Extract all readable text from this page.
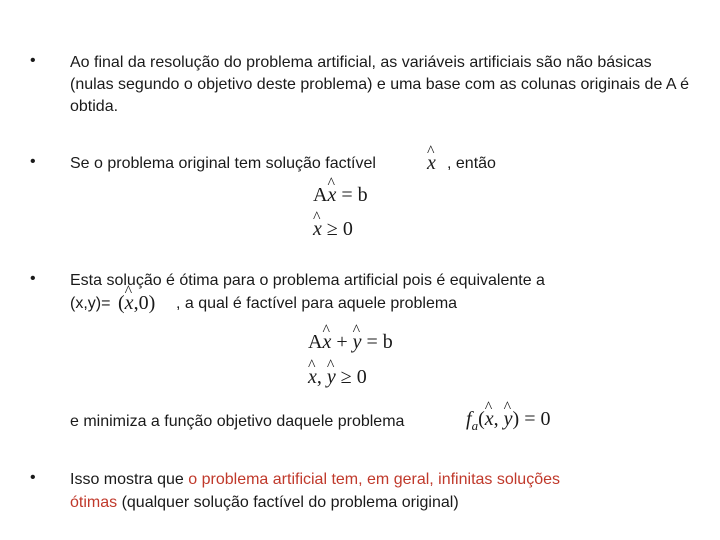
• Ao final da resolução do problema artificial, as variáveis artificiais são não básicas (nulas segundo o objetivo deste problema) e uma base com as colunas originais de A é obtida.
• Se o problema original tem solução factível	^ x , então
A^ x = b
^ x ≥ 0
• Esta solução é ótima para o problema artificial pois é equivalente a
(x,y)= (^ x,0) , a qual é factível para aquele problema
A^ x + ^ y = b
^ x, ^ y ≥ 0
e minimiza a função objetivo daquele problema	$f_a(\^{}$ x, ^ y) = 0
• Isso mostra que o problema artificial tem, em geral, infinitas soluções
ótimas (qualquer solução factível do problema original)
